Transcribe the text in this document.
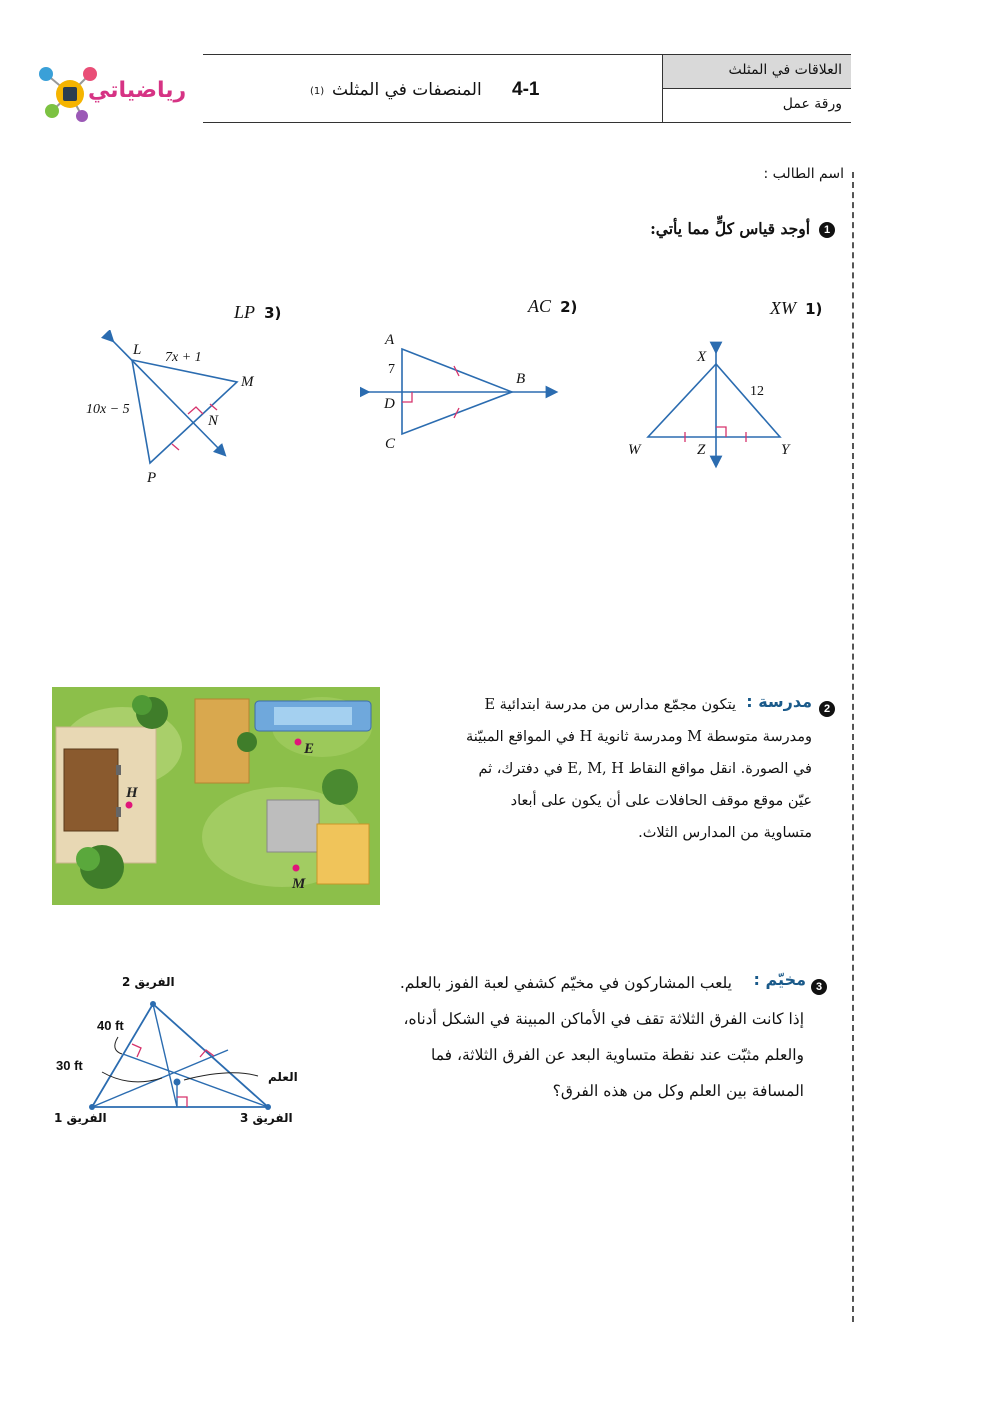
رياضياتي
العلاقات في المثلث
ورقة عمل
4-1
المنصفات في المثلث
(1)
اسم الطالب :
1
أوجد قياس كلٍّ مما يأتي:
XW 1)
AC 2)
LP 3)
X
W	Z	Y
12
A
B
D
C
7
L
M
N
P
7x + 1
10x − 5
2
مدرسة :
يتكون مجمّع مدارس من مدرسة ابتدائية E
ومدرسة متوسطة M ومدرسة ثانوية H في المواقع المبيّنة
في الصورة. انقل مواقع النقاط E, M, H في دفترك، ثم
عيّن موقع موقف الحافلات على أن يكون على أبعاد
متساوية من المدارس الثلاث.
E
H
M
3
مخيّم :
يلعب المشاركون في مخيّم كشفي لعبة الفوز بالعلم.
إذا كانت الفرق الثلاثة تقف في الأماكن المبينة في الشكل أدناه،
والعلم مثبّت عند نقطة متساوية البعد عن الفرق الثلاثة، فما
المسافة بين العلم وكل من هذه الفرق؟
الفريق 2
40 ft
30 ft
العلم
الفريق 1	الفريق 3
